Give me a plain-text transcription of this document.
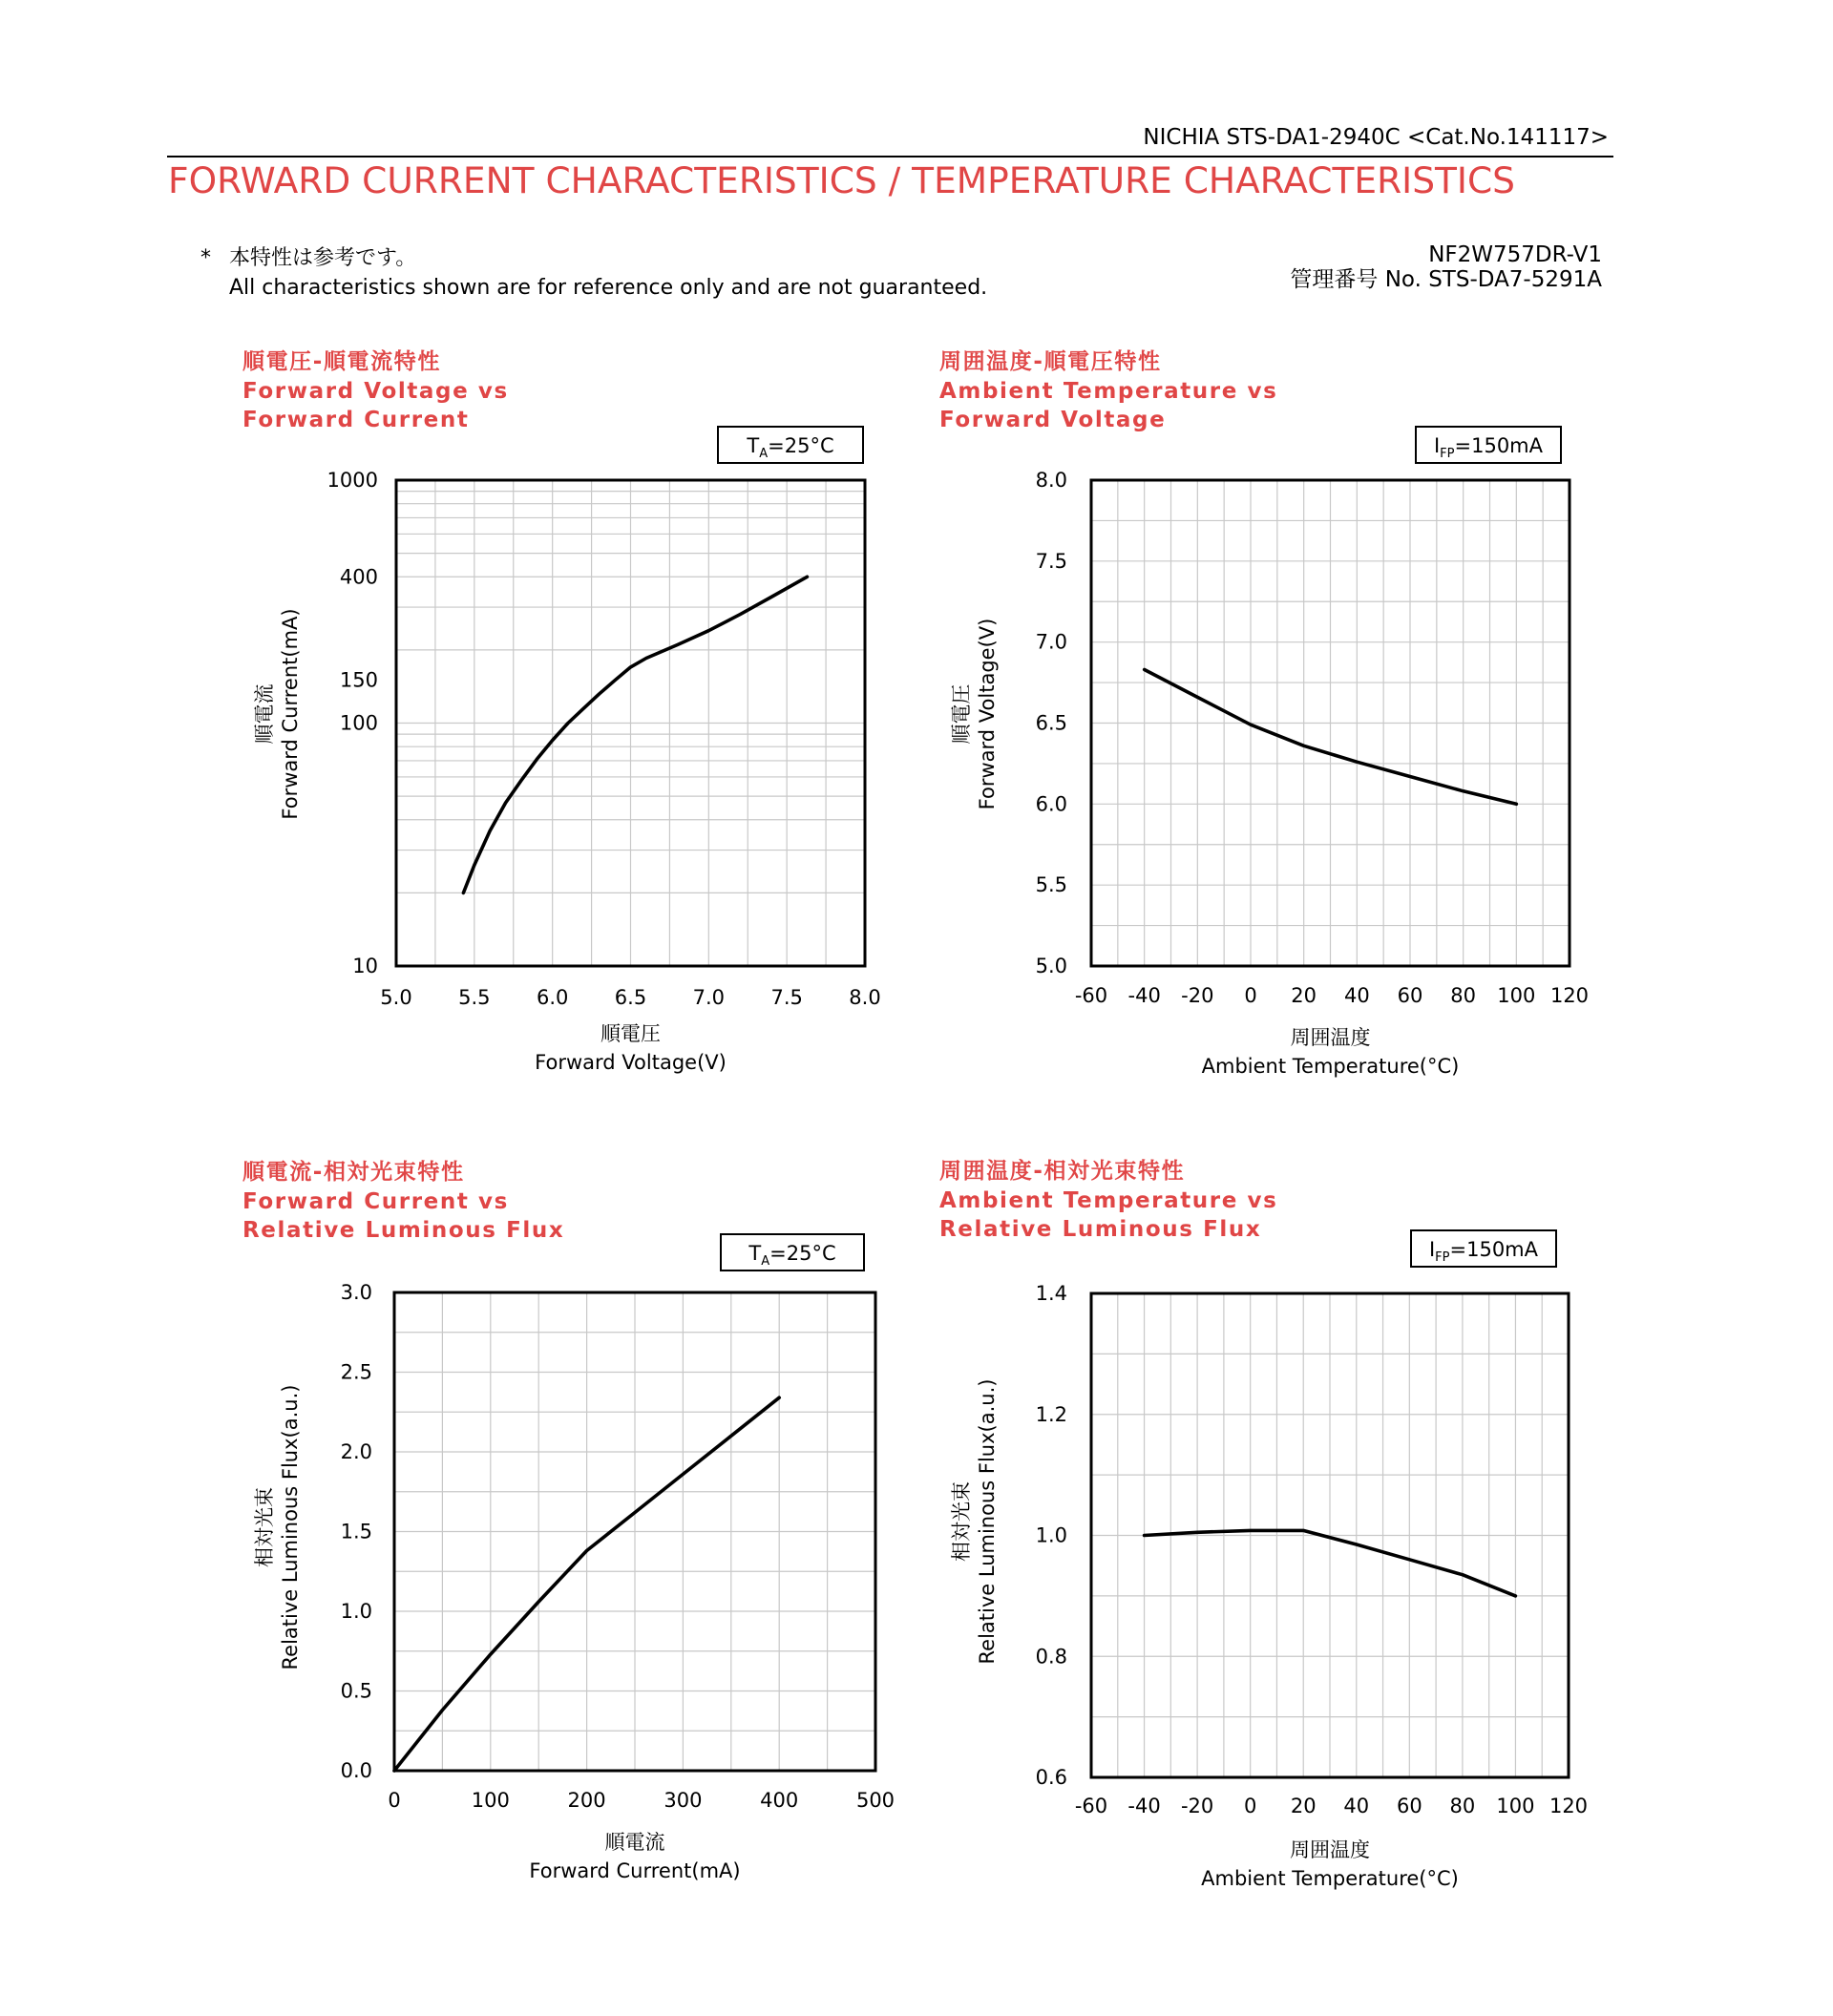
NICHIA STS-DA1-2940C <Cat.No.141117>
FORWARD CURRENT CHARACTERISTICS / TEMPERATURE CHARACTERISTICS
* 本特性は参考です。
All characteristics shown are for reference only and are not guaranteed.
NF2W757DR-V1
管理番号 No. STS-DA7-5291A
5.0 5.5 6.0 6.5 7.0 7.5 8.0
10
100
150
400
1000
順電圧-順電流特性
Forward Voltage vs
Forward Current
$T_A=25^\circ C$
順電圧
Forward Voltage(V)
順電流 Forward Current(mA)
-60 -40 -20 0 20 40 60 80 100 120
5.0
5.5
6.0
6.5
7.0
7.5
8.0
周囲温度-順電圧特性
Ambient Temperature vs
Forward Voltage
$I_{FP}=150mA$
周囲温度
Ambient Temperature(°C)
順電圧 Forward Voltage(V)
0	100	200	300	400	500
0.0
0.5
1.0
1.5
2.0
2.5
3.0
順電流-相対光束特性
Forward Current vs
Relative Luminous Flux
$T_A=25^\circ C$
順電流
Forward Current(mA)
相対光束 Relative Luminous Flux(a.u.)
-60 -40 -20 0 20 40 60 80 100 120
0.6
0.8
1.0
1.2
1.4
周囲温度-相対光束特性
Ambient Temperature vs
Relative Luminous Flux
$I_{FP}=150mA$
周囲温度
Ambient Temperature(°C)
相対光束 Relative Luminous Flux(a.u.)
